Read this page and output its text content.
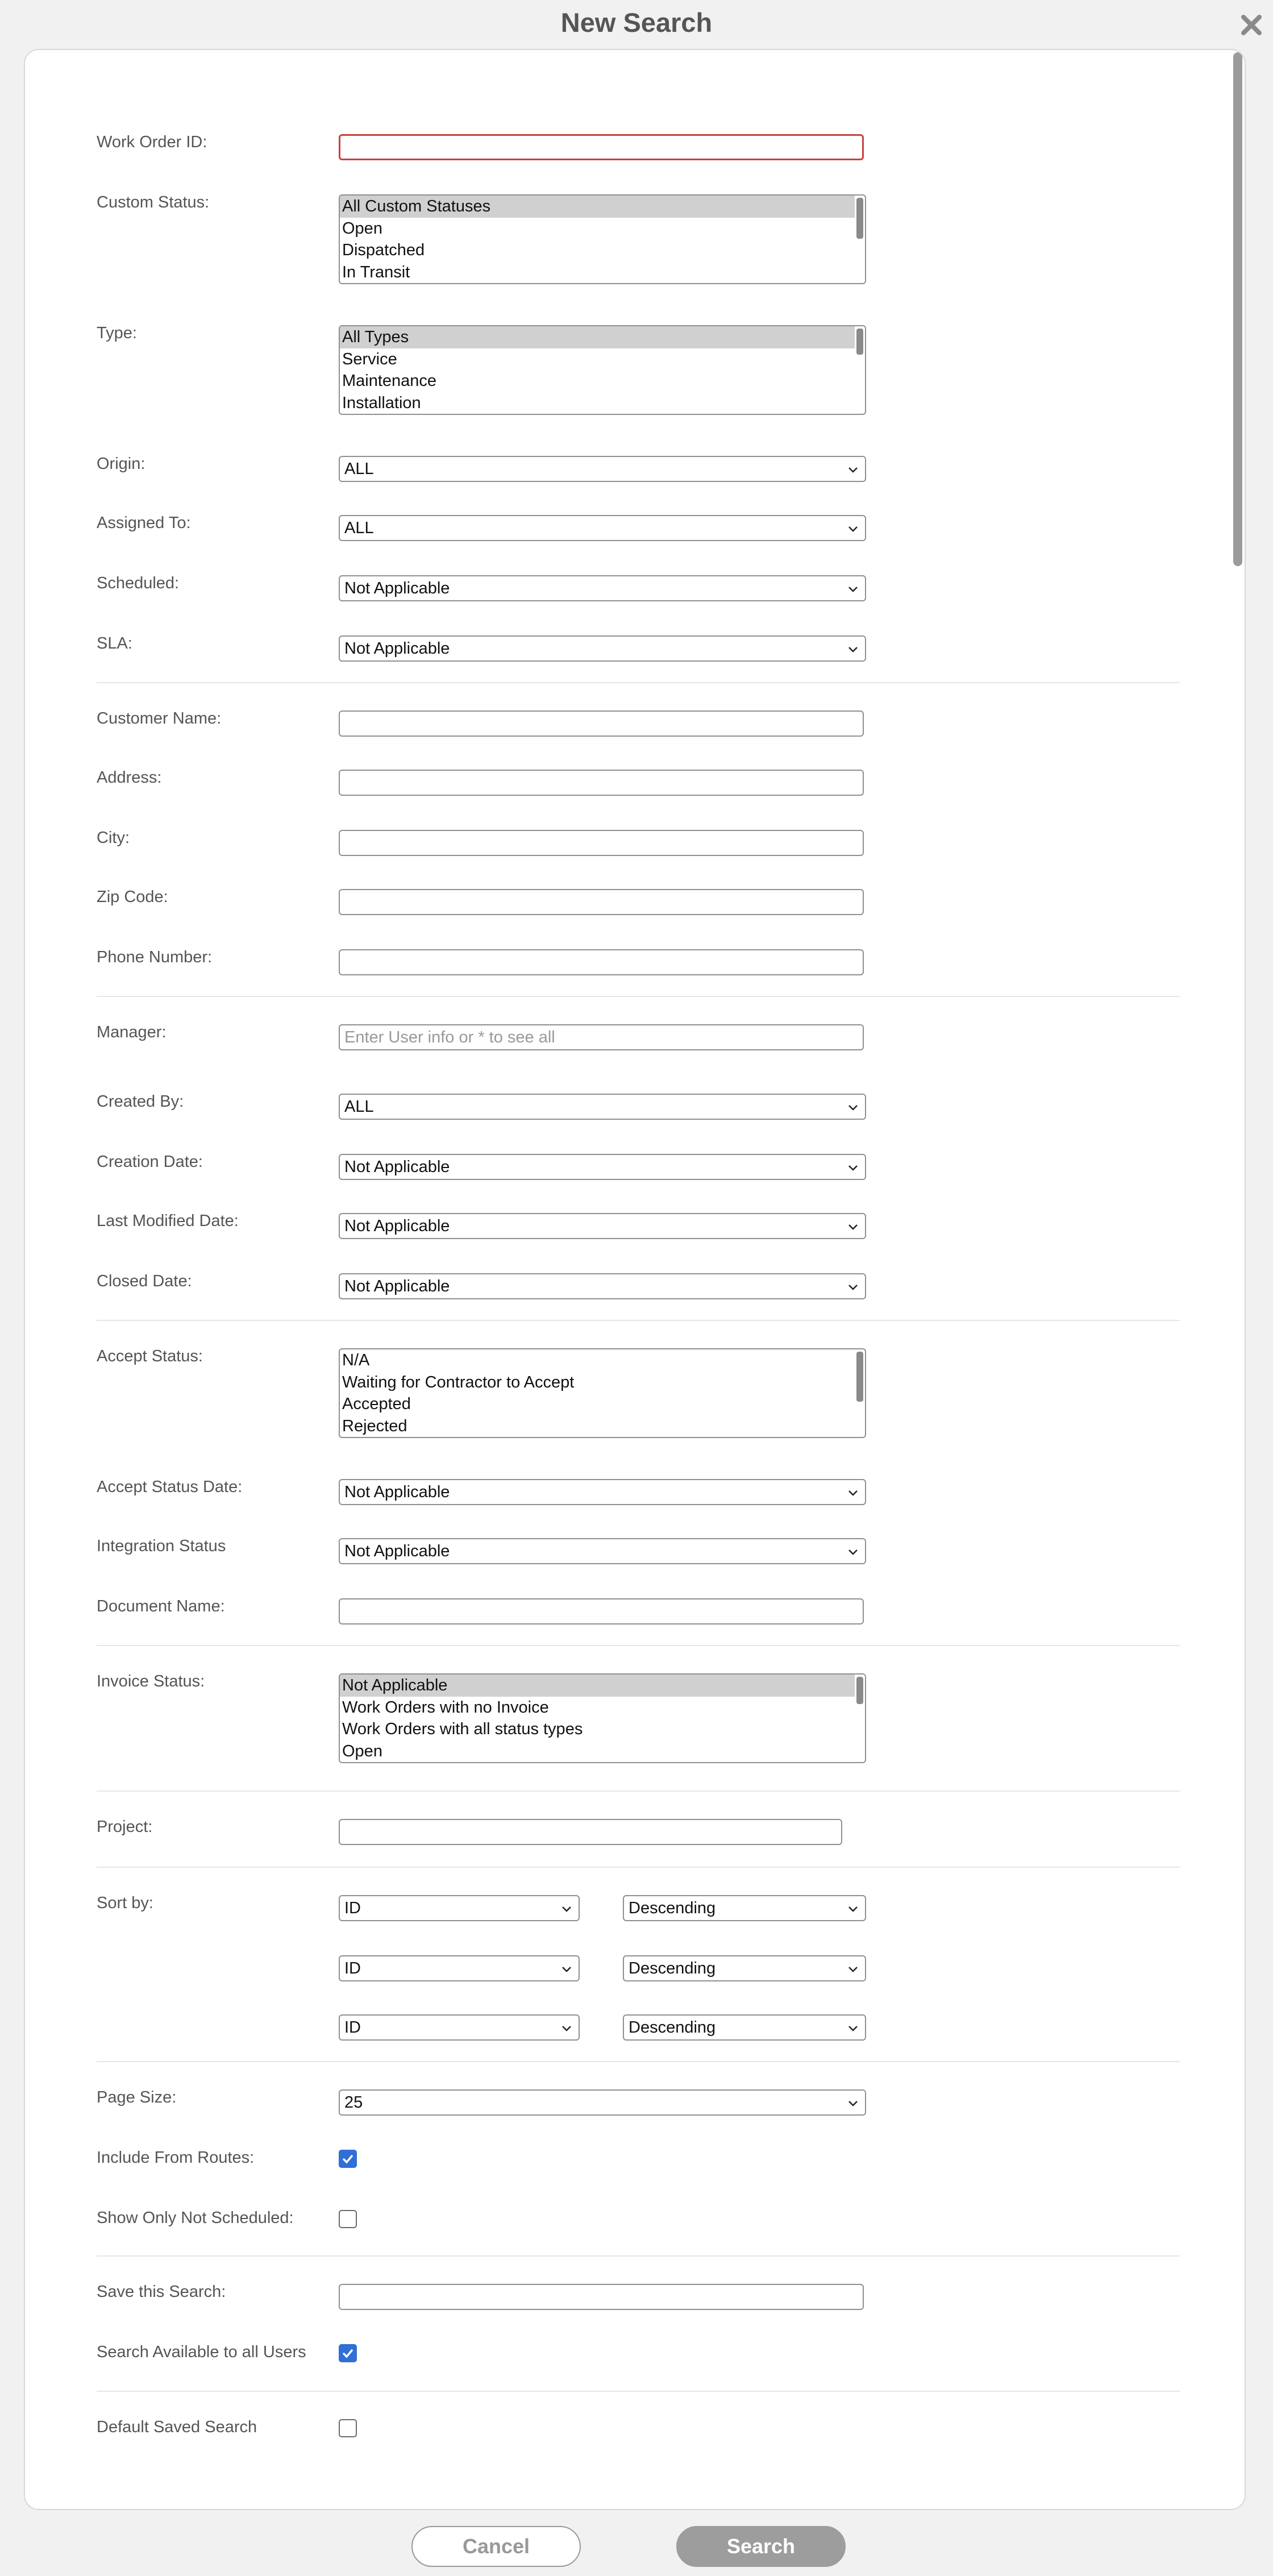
New Search
Work Order ID:
Custom Status:	All Custom Statuses
Open
Dispatched
In Transit
Type:	All Types
Service
Maintenance
Installation
Origin:	ALL
Assigned To:	ALL
Scheduled:	Not Applicable
SLA:	Not Applicable
Customer Name:
Address:
City:
Zip Code:
Phone Number:
Manager:	Enter User info or * to see all
Created By:	ALL
Creation Date:	Not Applicable
Last Modified Date:	Not Applicable
Closed Date:	Not Applicable
Accept Status:	N/A
Waiting for Contractor to Accept
Accepted
Rejected
Accept Status Date:	Not Applicable
Integration Status	Not Applicable
Document Name:
Invoice Status:	Not Applicable
Work Orders with no Invoice
Work Orders with all status types
Open
Project:
Sort by:	ID	Descending
ID	Descending
ID	Descending
Page Size:	25
Include From Routes:
Show Only Not Scheduled:
Save this Search:
Search Available to all Users
Default Saved Search
Cancel	Search
